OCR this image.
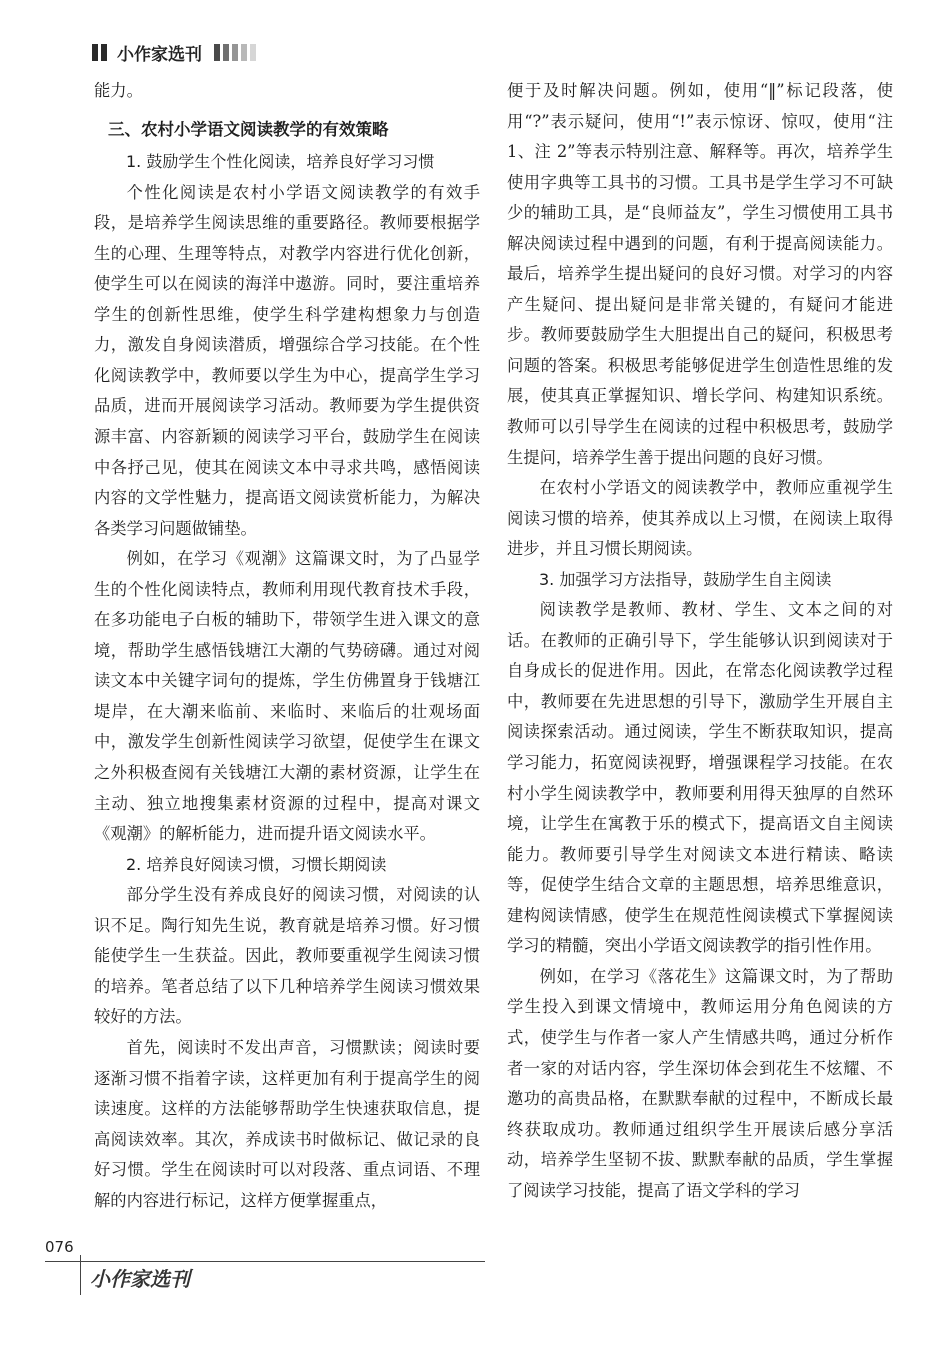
小作家选刊

能力。

三、农村小学语文阅读教学的有效策略

1. 鼓励学生个性化阅读，培养良好学习习惯

个性化阅读是农村小学语文阅读教学的有效手段，是培养学生阅读思维的重要路径。教师要根据学生的心理、生理等特点，对教学内容进行优化创新，使学生可以在阅读的海洋中遨游。同时，要注重培养学生的创新性思维，使学生科学建构想象力与创造力，激发自身阅读潜质，增强综合学习技能。在个性化阅读教学中，教师要以学生为中心，提高学生学习品质，进而开展阅读学习活动。教师要为学生提供资源丰富、内容新颖的阅读学习平台，鼓励学生在阅读中各抒己见，使其在阅读文本中寻求共鸣，感悟阅读内容的文学性魅力，提高语文阅读赏析能力，为解决各类学习问题做铺垫。

例如，在学习《观潮》这篇课文时，为了凸显学生的个性化阅读特点，教师利用现代教育技术手段，在多功能电子白板的辅助下，带领学生进入课文的意境，帮助学生感悟钱塘江大潮的气势磅礴。通过对阅读文本中关键字词句的提炼，学生仿佛置身于钱塘江堤岸，在大潮来临前、来临时、来临后的壮观场面中，激发学生创新性阅读学习欲望，促使学生在课文之外积极查阅有关钱塘江大潮的素材资源，让学生在主动、独立地搜集素材资源的过程中，提高对课文《观潮》的解析能力，进而提升语文阅读水平。

2. 培养良好阅读习惯，习惯长期阅读

部分学生没有养成良好的阅读习惯，对阅读的认识不足。陶行知先生说，教育就是培养习惯。好习惯能使学生一生获益。因此，教师要重视学生阅读习惯的培养。笔者总结了以下几种培养学生阅读习惯效果较好的方法。

首先，阅读时不发出声音，习惯默读；阅读时要逐渐习惯不指着字读，这样更加有利于提高学生的阅读速度。这样的方法能够帮助学生快速获取信息，提高阅读效率。其次，养成读书时做标记、做记录的良好习惯。学生在阅读时可以对段落、重点词语、不理解的内容进行标记，这样方便掌握重点，

便于及时解决问题。例如，使用“‖”标记段落，使用“?”表示疑问，使用“!”表示惊讶、惊叹，使用“注 1、注 2”等表示特别注意、解释等。再次，培养学生使用字典等工具书的习惯。工具书是学生学习不可缺少的辅助工具，是“良师益友”，学生习惯使用工具书解决阅读过程中遇到的问题，有利于提高阅读能力。最后，培养学生提出疑问的良好习惯。对学习的内容产生疑问、提出疑问是非常关键的，有疑问才能进步。教师要鼓励学生大胆提出自己的疑问，积极思考问题的答案。积极思考能够促进学生创造性思维的发展，使其真正掌握知识、增长学问、构建知识系统。教师可以引导学生在阅读的过程中积极思考，鼓励学生提问，培养学生善于提出问题的良好习惯。

在农村小学语文的阅读教学中，教师应重视学生阅读习惯的培养，使其养成以上习惯，在阅读上取得进步，并且习惯长期阅读。

3. 加强学习方法指导，鼓励学生自主阅读

阅读教学是教师、教材、学生、文本之间的对话。在教师的正确引导下，学生能够认识到阅读对于自身成长的促进作用。因此，在常态化阅读教学过程中，教师要在先进思想的引导下，激励学生开展自主阅读探索活动。通过阅读，学生不断获取知识，提高学习能力，拓宽阅读视野，增强课程学习技能。在农村小学生阅读教学中，教师要利用得天独厚的自然环境，让学生在寓教于乐的模式下，提高语文自主阅读能力。教师要引导学生对阅读文本进行精读、略读等，促使学生结合文章的主题思想，培养思维意识，建构阅读情感，使学生在规范性阅读模式下掌握阅读学习的精髓，突出小学语文阅读教学的指引性作用。

例如，在学习《落花生》这篇课文时，为了帮助学生投入到课文情境中，教师运用分角色阅读的方式，使学生与作者一家人产生情感共鸣，通过分析作者一家的对话内容，学生深切体会到花生不炫耀、不邀功的高贵品格，在默默奉献的过程中，不断成长最终获取成功。教师通过组织学生开展读后感分享活动，培养学生坚韧不拔、默默奉献的品质，学生掌握了阅读学习技能，提高了语文学科的学习

076
小作家选刊
